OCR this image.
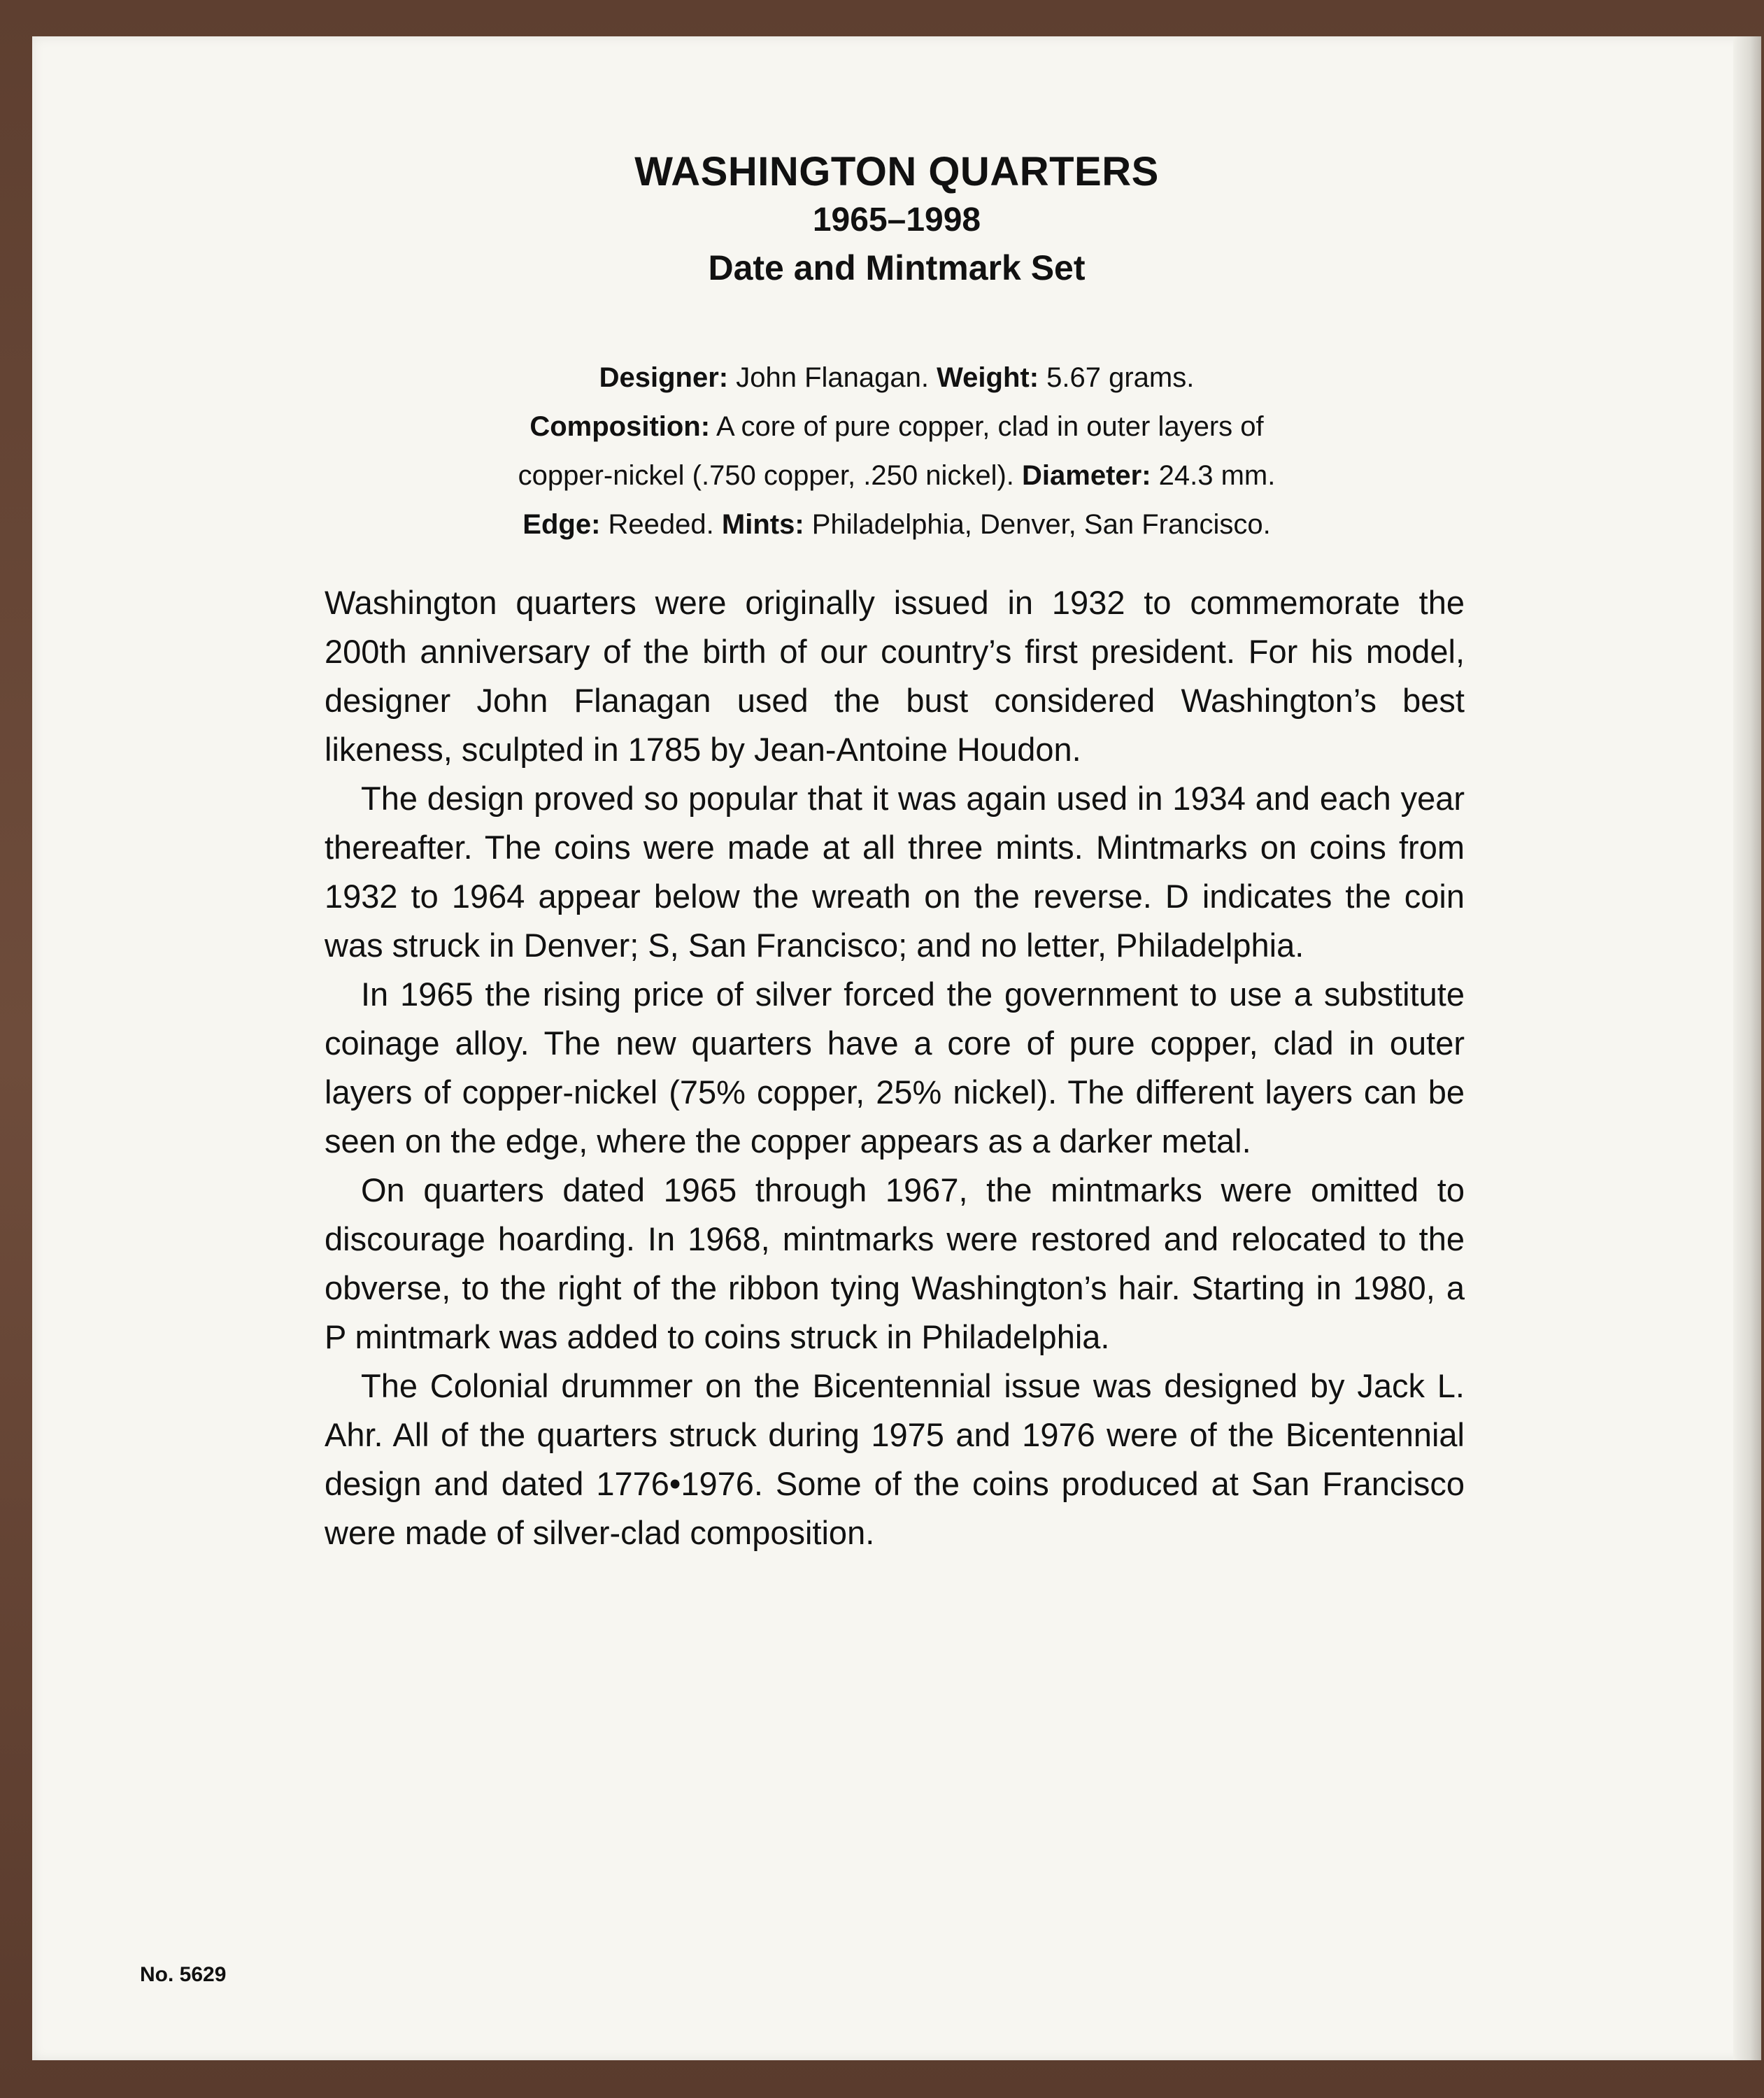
WASHINGTON QUARTERS
1965–1998
Date and Mintmark Set
Designer: John Flanagan. Weight: 5.67 grams.
Composition: A core of pure copper, clad in outer layers of
copper-nickel (.750 copper, .250 nickel). Diameter: 24.3 mm.
Edge: Reeded. Mints: Philadelphia, Denver, San Francisco.

Washington quarters were originally issued in 1932 to commemorate the 200th anniversary of the birth of our country’s first president. For his model, designer John Flanagan used the bust considered Washington’s best likeness, sculpted in 1785 by Jean-Antoine Houdon.

The design proved so popular that it was again used in 1934 and each year thereafter. The coins were made at all three mints. Mintmarks on coins from 1932 to 1964 appear below the wreath on the reverse. D indicates the coin was struck in Denver; S, San Francisco; and no letter, Philadelphia.

In 1965 the rising price of silver forced the government to use a substitute coinage alloy. The new quarters have a core of pure copper, clad in outer layers of copper-nickel (75% copper, 25% nickel). The different layers can be seen on the edge, where the copper appears as a darker metal.

On quarters dated 1965 through 1967, the mintmarks were omitted to discourage hoarding. In 1968, mintmarks were restored and relocated to the obverse, to the right of the ribbon tying Washington’s hair. Starting in 1980, a P mintmark was added to coins struck in Philadelphia.

The Colonial drummer on the Bicentennial issue was designed by Jack L. Ahr. All of the quarters struck during 1975 and 1976 were of the Bicentennial design and dated 1776•1976. Some of the coins produced at San Francisco were made of silver-clad composition.

No. 5629
